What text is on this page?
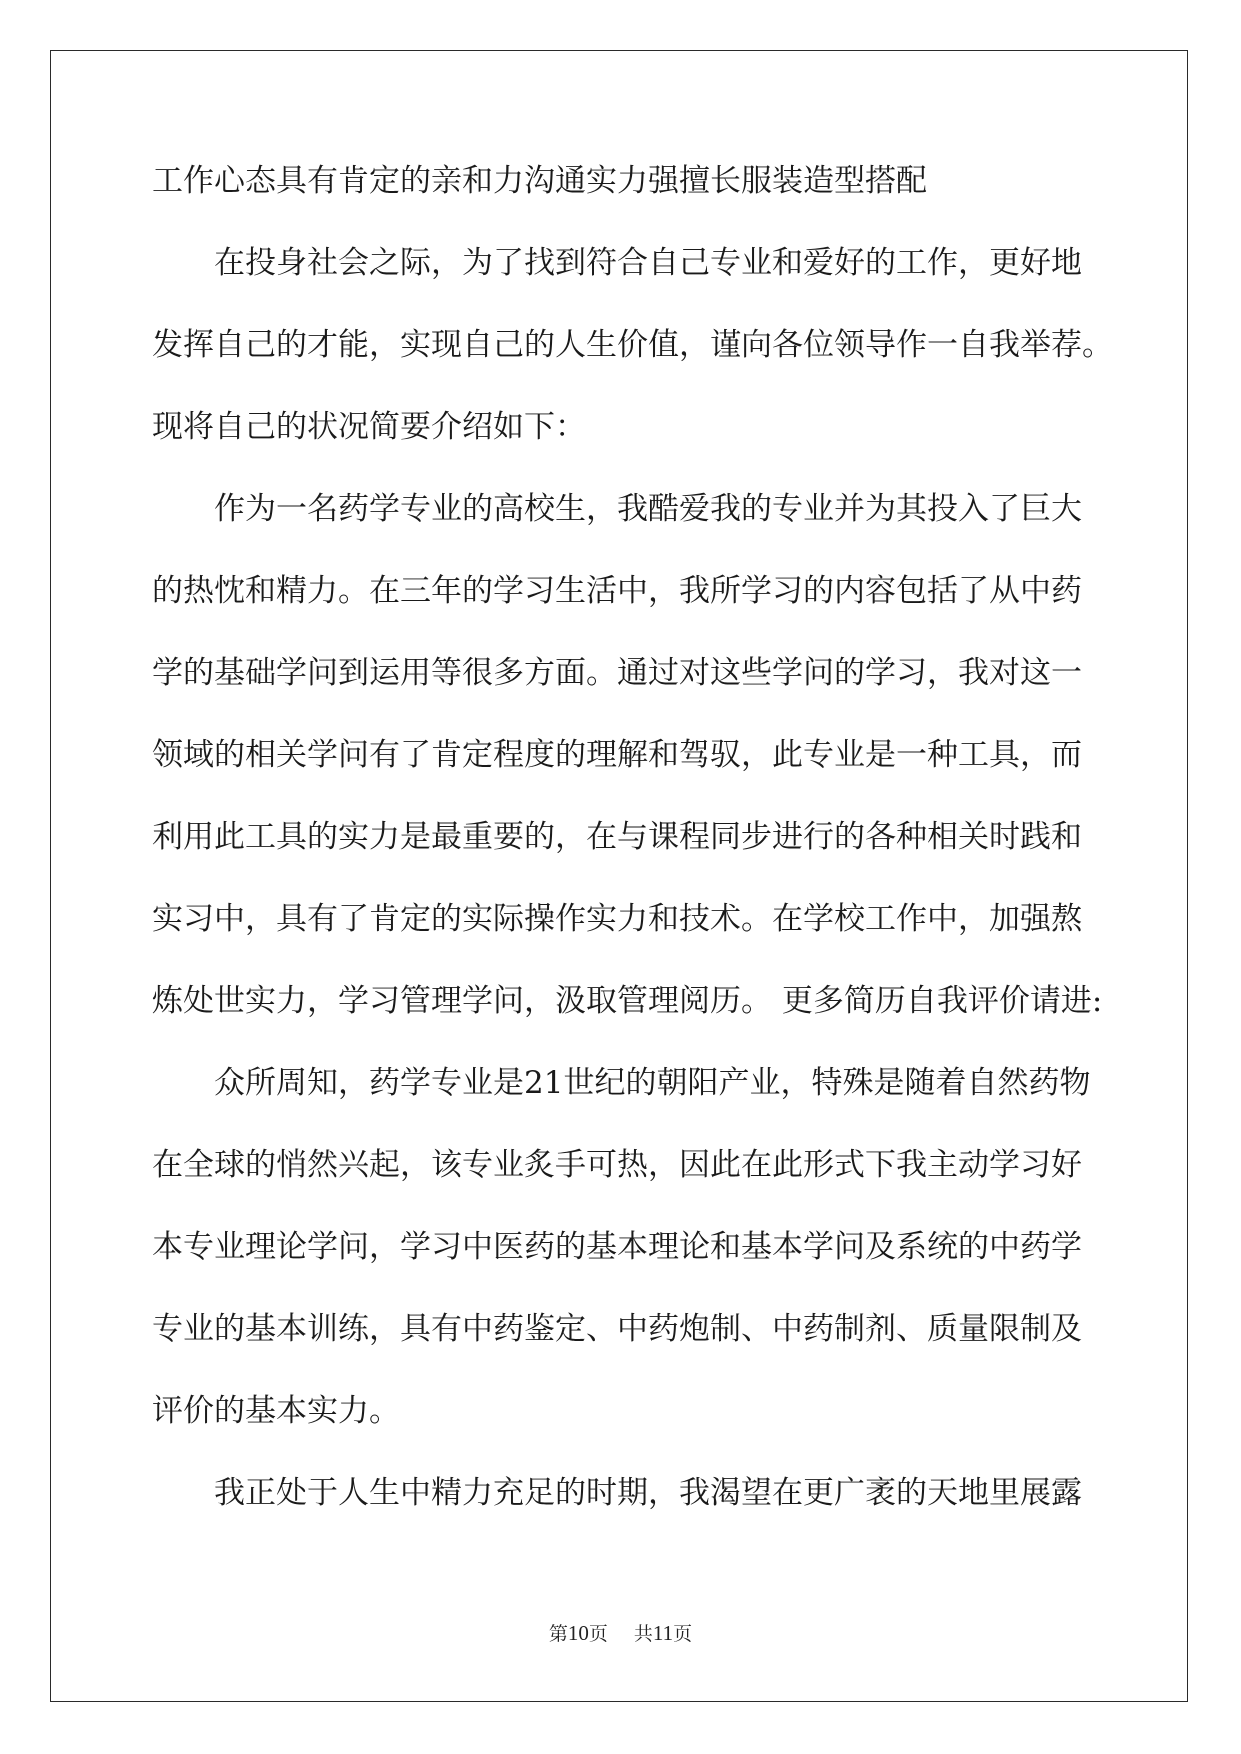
工作心态具有肯定的亲和力沟通实力强擅长服装造型搭配
在投身社会之际，为了找到符合自己专业和爱好的工作，更好地
发挥自己的才能，实现自己的人生价值，谨向各位领导作一自我举荐。
现将自己的状况简要介绍如下：
作为一名药学专业的高校生，我酷爱我的专业并为其投入了巨大
的热忱和精力。在三年的学习生活中，我所学习的内容包括了从中药
学的基础学问到运用等很多方面。通过对这些学问的学习，我对这一
领域的相关学问有了肯定程度的理解和驾驭，此专业是一种工具，而
利用此工具的实力是最重要的，在与课程同步进行的各种相关时践和
实习中，具有了肯定的实际操作实力和技术。在学校工作中，加强熬
炼处世实力，学习管理学问，汲取管理阅历。 更多简历自我评价请进:
众所周知，药学专业是21世纪的朝阳产业，特殊是随着自然药物
在全球的悄然兴起，该专业炙手可热，因此在此形式下我主动学习好
本专业理论学问，学习中医药的基本理论和基本学问及系统的中药学
专业的基本训练，具有中药鉴定、中药炮制、中药制剂、质量限制及
评价的基本实力。
我正处于人生中精力充足的时期，我渴望在更广袤的天地里展露
第10页 共11页
